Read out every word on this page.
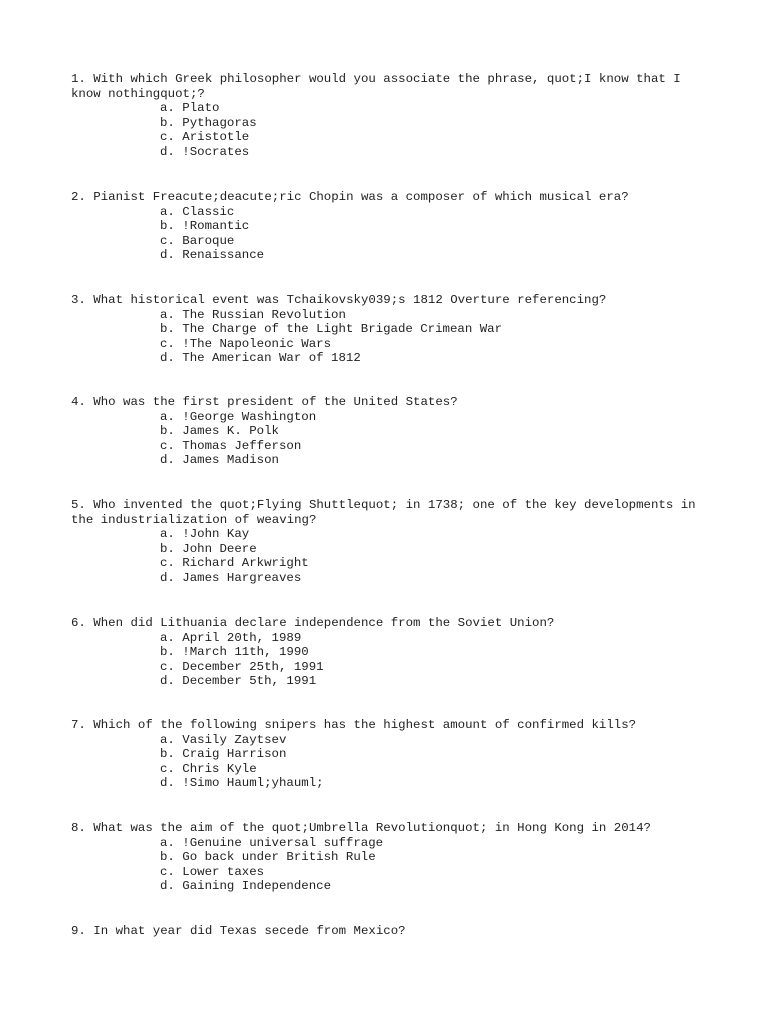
1. With which Greek philosopher would you associate the phrase, quot;I know that I know nothingquot;?
a. Plato
b. Pythagoras
c. Aristotle
d. !Socrates
2. Pianist Freacute;deacute;ric Chopin was a composer of which musical era?
a. Classic
b. !Romantic
c. Baroque
d. Renaissance
3. What historical event was Tchaikovsky039;s 1812 Overture referencing?
a. The Russian Revolution
b. The Charge of the Light Brigade Crimean War
c. !The Napoleonic Wars
d. The American War of 1812
4. Who was the first president of the United States?
a. !George Washington
b. James K. Polk
c. Thomas Jefferson
d. James Madison
5. Who invented the quot;Flying Shuttlequot; in 1738; one of the key developments in the industrialization of weaving?
a. !John Kay
b. John Deere
c. Richard Arkwright
d. James Hargreaves
6. When did Lithuania declare independence from the Soviet Union?
a. April 20th, 1989
b. !March 11th, 1990
c. December 25th, 1991
d. December 5th, 1991
7. Which of the following snipers has the highest amount of confirmed kills?
a. Vasily Zaytsev
b. Craig Harrison
c. Chris Kyle
d. !Simo Hauml;yhauml;
8. What was the aim of the quot;Umbrella Revolutionquot; in Hong Kong in 2014?
a. !Genuine universal suffrage
b. Go back under British Rule
c. Lower taxes
d. Gaining Independence
9. In what year did Texas secede from Mexico?
